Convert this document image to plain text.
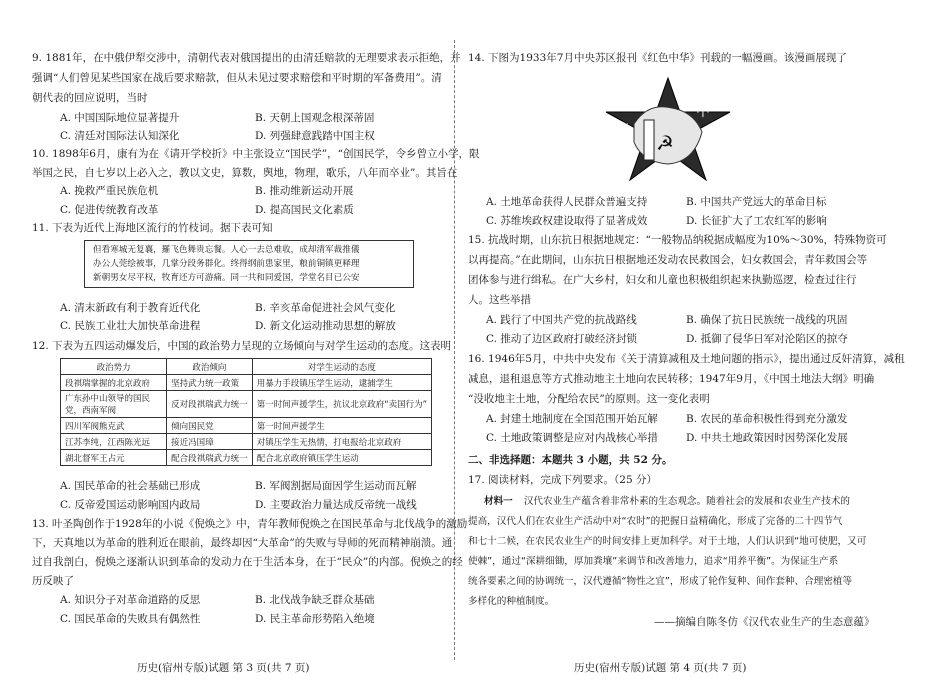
9. 1881年，在中俄伊犁交涉中，清朝代表对俄国提出的由清廷赔款的无理要求表示拒绝，并
强调“人们曾见某些国家在战后要求赔款，但从未见过要求赔偿和平时期的军备费用”。清
朝代表的回应说明，当时
A. 中国国际地位显著提升	B. 天朝上国观念根深蒂固
C. 清廷对国际法认知深化	D. 列强肆意践踏中国主权
10. 1898年6月，康有为在《请开学校折》中主张设立“国民学”，“创国民学，令乡曾立小学，限
举国之民，自七岁以上必入之，教以文史，算数，舆地，物理，歌乐，八年而卒业”。其旨在
A. 挽救严重民族危机	B. 推动维新运动开展
C. 促进传统教育改革	D. 提高国民文化素质
11. 下表为近代上海地区流行的竹枝词。据下表可知
但看寒城无复襄，羅飞色舞贵忘餐。人心一去总难收，成却清军裁推儀
办公人莞绘被事，几掌分段务群化。终得纲前患家里，粮前铜镇更释理
新朝男女尽平权，牧育还方可游痛。同一共和同爱国，学堂名目已公安
A. 清末新政有利于教育近代化	B. 辛亥革命促进社会风气变化
C. 民族工业壮大加快革命进程	D. 新文化运动推动思想的解放
12. 下表为五四运动爆发后，中国的政治势力呈现的立场倾向与对学生运动的态度。这表明
政治势力	政治倾向	对学生运动的态度
段祺瑞掌握的北京政府	坚持武力统一政策	用暴力手段镇压学生运动，逮捕学生
广东孙中山领导的国民党，西南军阀	反对段祺瑞武力统一	第一时间声援学生，抗议北京政府“卖国行为”
四川军阀熊克武	倾向国民党	第一时间声援学生
江苏李纯，江西陈光远	接近冯国璋	对镇压学生无热情，打电报给北京政府
湖北督军王占元	配合段祺瑞武力统一	配合北京政府镇压学生运动
A. 国民革命的社会基础已形成	B. 军阀割据局面因学生运动而瓦解
C. 反帝爱国运动影响国内政局	D. 主要政治力量达成反帝统一战线
13. 叶圣陶创作于1928年的小说《倪焕之》中，青年教师倪焕之在国民革命与北伐战争的激励
下，天真地以为革命的胜利近在眼前，最终却因“大革命”的失败与导师的死而精神崩溃。通
过自我剖白，倪焕之逐渐认识到革命的发动力在于生活本身，在于“民众”的内部。倪焕之的经
历反映了
A. 知识分子对革命道路的反思	B. 北伐战争缺乏群众基础
C. 国民革命的失败具有偶然性	D. 民主革命形势陷入绝境
历史(宿州专版)试题 第 3 页(共 7 页)
14. 下图为1933年7月中央苏区报刊《红色中华》刊载的一幅漫画。该漫画展现了
☭
中
华
国
A. 土地革命获得人民群众普遍支持	B. 中国共产党远大的革命目标
C. 苏维埃政权建设取得了显著成效	D. 长征扩大了工农红军的影响
15. 抗战时期，山东抗日根据地规定：“一般物品纳税据成幅度为10%～30%，特殊物资可
以再提高。”在此期间，山东抗日根据地还发动农民救国会，妇女救国会，青年救国会等
团体参与进行缉私。在广大乡村，妇女和儿童也积极组织起来执勤巡逻，检查过往行
人。这些举措
A. 践行了中国共产党的抗战路线	B. 确保了抗日民族统一战线的巩固
C. 推动了边区政府打破经济封锁	D. 抵御了侵华日军对沦陷区的掠夺
16. 1946年5月，中共中央发布《关于清算减租及土地问题的指示》，提出通过反奸清算，减租
减息，退租退息等方式推动地主土地向农民转移；1947年9月，《中国土地法大纲》明确
“没收地主土地，分配给农民”的原则。这一变化表明
A. 封建土地制度在全国范围开始瓦解	B. 农民的革命积极性得到充分激发
C. 土地政策调整是应对内战核心举措	D. 中共土地政策因时因势深化发展
二、非选择题：本题共 3 小题，共 52 分。
17. 阅读材料，完成下列要求。（25 分）
材料一 汉代农业生产蕴含着非常朴素的生态观念。随着社会的发展和农业生产技术的
提高，汉代人们在农业生产活动中对“农时”的把握日益精确化，形成了完备的二十四节气
和七十二候，在农民农业生产的时间安排上更加科学。对于土地，人们认识到“地可使肥，又可
使棘”，通过“深耕细锄，厚加粪壤”来调节和改善地力，追求“用养平衡”。为保证生产系
统各要素之间的协调统一，汉代遵循“物性之宜”，形成了轮作复种、间作套种、合理密植等
多样化的种植制度。
——摘编自陈冬仿《汉代农业生产的生态意蕴》
历史(宿州专版)试题 第 4 页(共 7 页)
